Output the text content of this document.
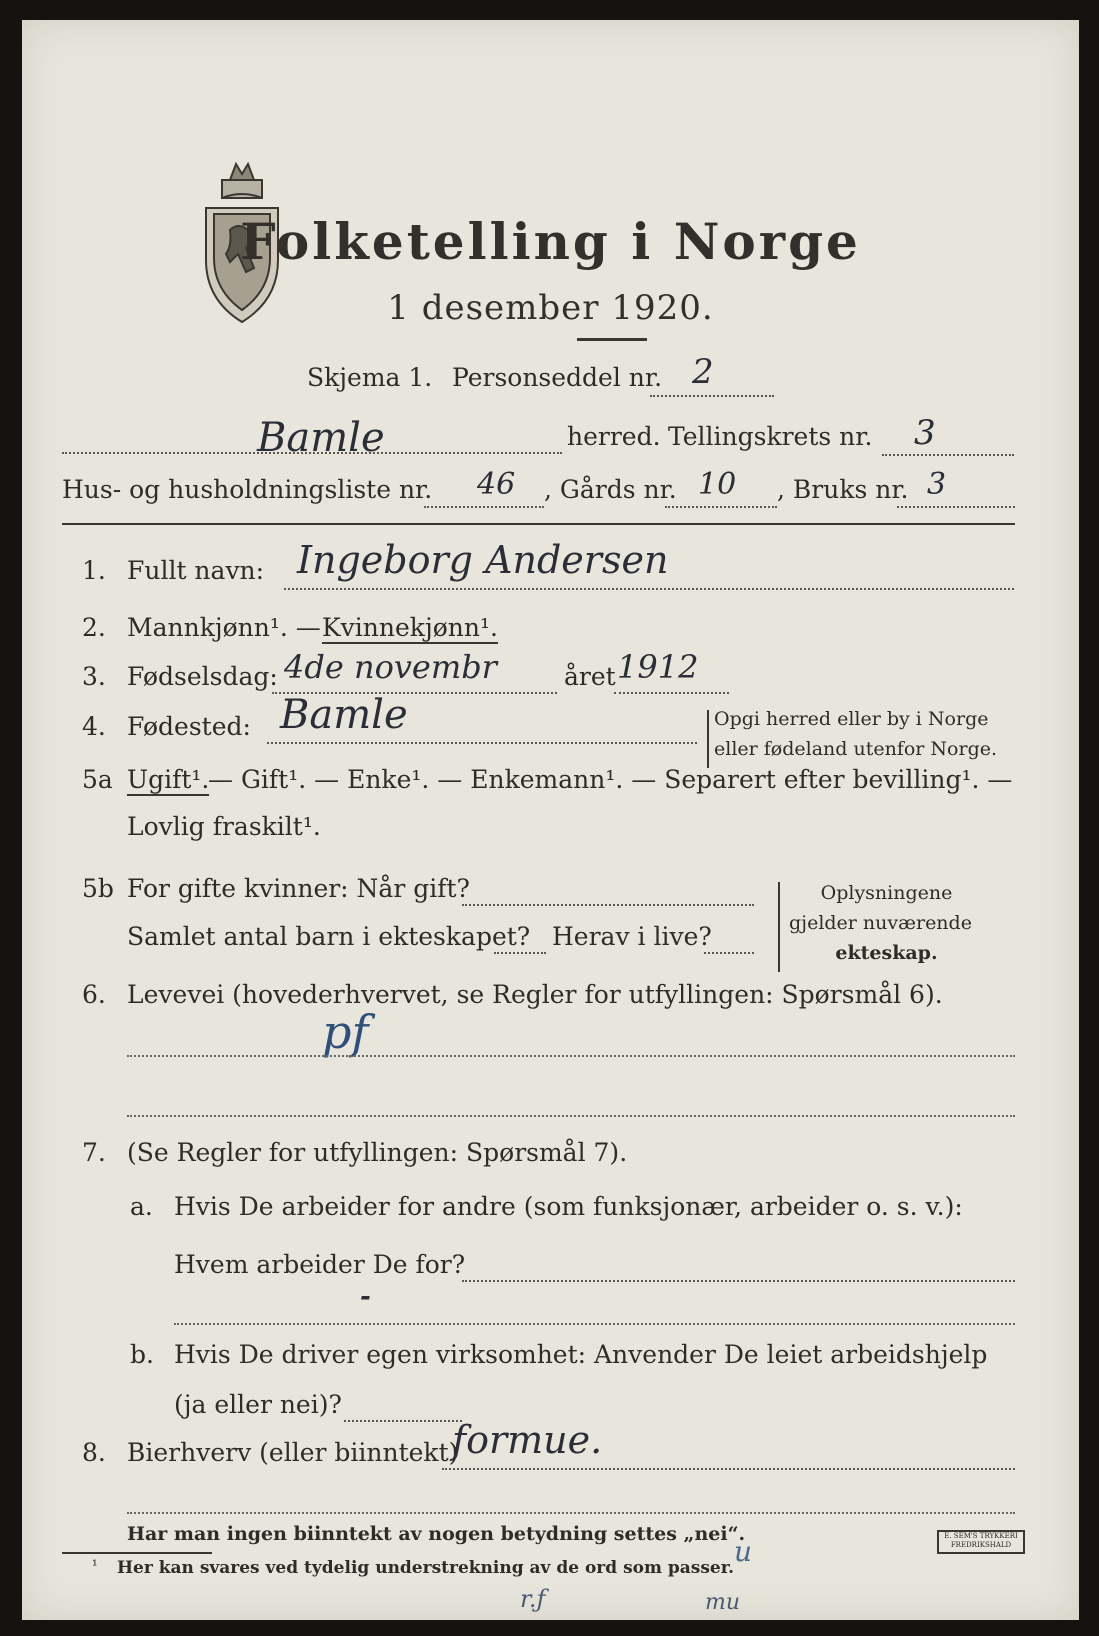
Folketelling i Norge
1 desember 1920.
Skjema 1. Personseddel nr. 2
Bamle	herred. Tellingskrets nr. 3
Hus- og husholdningsliste nr. 46 , Gårds nr. 10 , Bruks nr. 3
1. Fullt navn: Ingeborg Andersen
2. Mannkjønn¹. — Kvinnekjønn¹.
3. Fødselsdag: 4de novembr	året 1912
4. Fødested: Bamle	Opgi herred eller by i Norge
eller fødeland utenfor Norge.
5a Ugift¹.
— Gift¹. — Enke¹. — Enkemann¹. — Separert efter bevilling¹. —
Lovlig fraskilt¹.
5b For gifte kvinner: Når gift?
Samlet antal barn i ekteskapet? Herav i live?
Oplysningene
gjelder nuværende
ekteskap.
6. Levevei (hovederhvervet, se Regler for utfyllingen: Spørsmål 6).
pf
7. (Se Regler for utfyllingen: Spørsmål 7).
a. Hvis De arbeider for andre (som funksjonær, arbeider o. s. v.):
Hvem arbeider De for?
-
b. Hvis De driver egen virksomhet: Anvender De leiet arbeidshjelp
(ja eller nei)?
8. Bierhverv (eller biinntekt)
formue.
Har man ingen biinntekt av nogen betydning settes „nei“.
¹ Her kan svares ved tydelig understrekning av de ord som passer. u
r.ƒ	mu
E. SEM'S TRYKKERI FREDRIKSHALD
